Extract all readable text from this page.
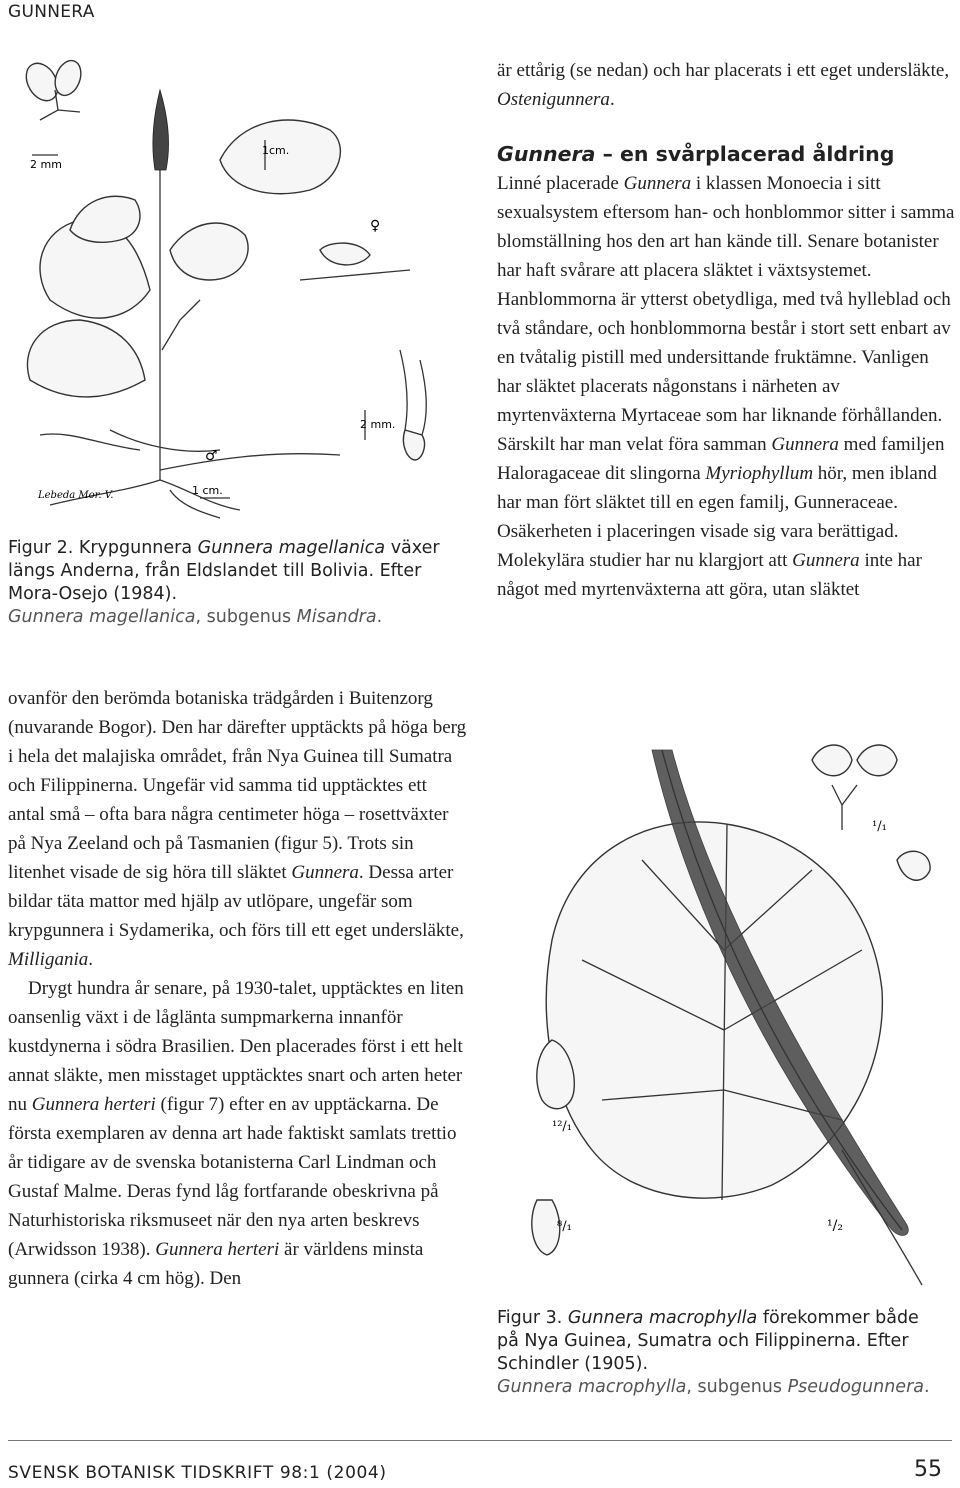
GUNNERA
2 mm
1cm.
♀
♂
2 mm.
1 cm.
Lebeda Mor. V.
Figur 2. Krypgunnera Gunnera magellanica växer längs Anderna, från Eldslandet till Bolivia. Efter Mora-Osejo (1984).
Gunnera magellanica, subgenus Misandra.

ovanför den berömda botaniska trädgården i Buitenzorg (nuvarande Bogor). Den har därefter upptäckts på höga berg i hela det malajiska området, från Nya Guinea till Sumatra och Filippinerna. Ungefär vid samma tid upptäcktes ett antal små – ofta bara några centimeter höga – rosettväxter på Nya Zeeland och på Tasmanien (figur 5). Trots sin litenhet visade de sig höra till släktet Gunnera. Dessa arter bildar täta mattor med hjälp av utlöpare, ungefär som krypgunnera i Sydamerika, och förs till ett eget undersläkte, Milligania.

Drygt hundra år senare, på 1930-talet, upptäcktes en liten oansenlig växt i de låglänta sumpmarkerna innanför kustdynerna i södra Brasilien. Den placerades först i ett helt annat släkte, men misstaget upptäcktes snart och arten heter nu Gunnera herteri (figur 7) efter en av upptäckarna. De första exemplaren av denna art hade faktiskt samlats trettio år tidigare av de svenska botanisterna Carl Lindman och Gustaf Malme. Deras fynd låg fortfarande obeskrivna på Naturhistoriska riksmuseet när den nya arten beskrevs (Arwidsson 1938). Gunnera herteri är världens minsta gunnera (cirka 4 cm hög). Den

är ettårig (se nedan) och har placerats i ett eget undersläkte, Ostenigunnera.

Gunnera – en svårplacerad åldring

Linné placerade Gunnera i klassen Monoecia i sitt sexualsystem eftersom han- och honblommor sitter i samma blomställning hos den art han kände till. Senare botanister har haft svårare att placera släktet i växtsystemet. Hanblommorna är ytterst obetydliga, med två hylleblad och två ståndare, och honblommorna består i stort sett enbart av en tvåtalig pistill med undersittande fruktämne. Vanligen har släktet placerats någonstans i närheten av myrtenväxterna Myrtaceae som har liknande förhållanden. Särskilt har man velat föra samman Gunnera med familjen Haloragaceae dit slingorna Myriophyllum hör, men ibland har man fört släktet till en egen familj, Gunneraceae. Osäkerheten i placeringen visade sig vara berättigad. Molekylära studier har nu klargjort att Gunnera inte har något med myrtenväxterna att göra, utan släktet

¹/₁
¹²/₁
⁸/₁	¹/₂
Figur 3. Gunnera macrophylla förekommer både på Nya Guinea, Sumatra och Filippinerna. Efter Schindler (1905).
Gunnera macrophylla, subgenus Pseudogunnera.
SVENSK BOTANISK TIDSKRIFT 98:1 (2004)	55
